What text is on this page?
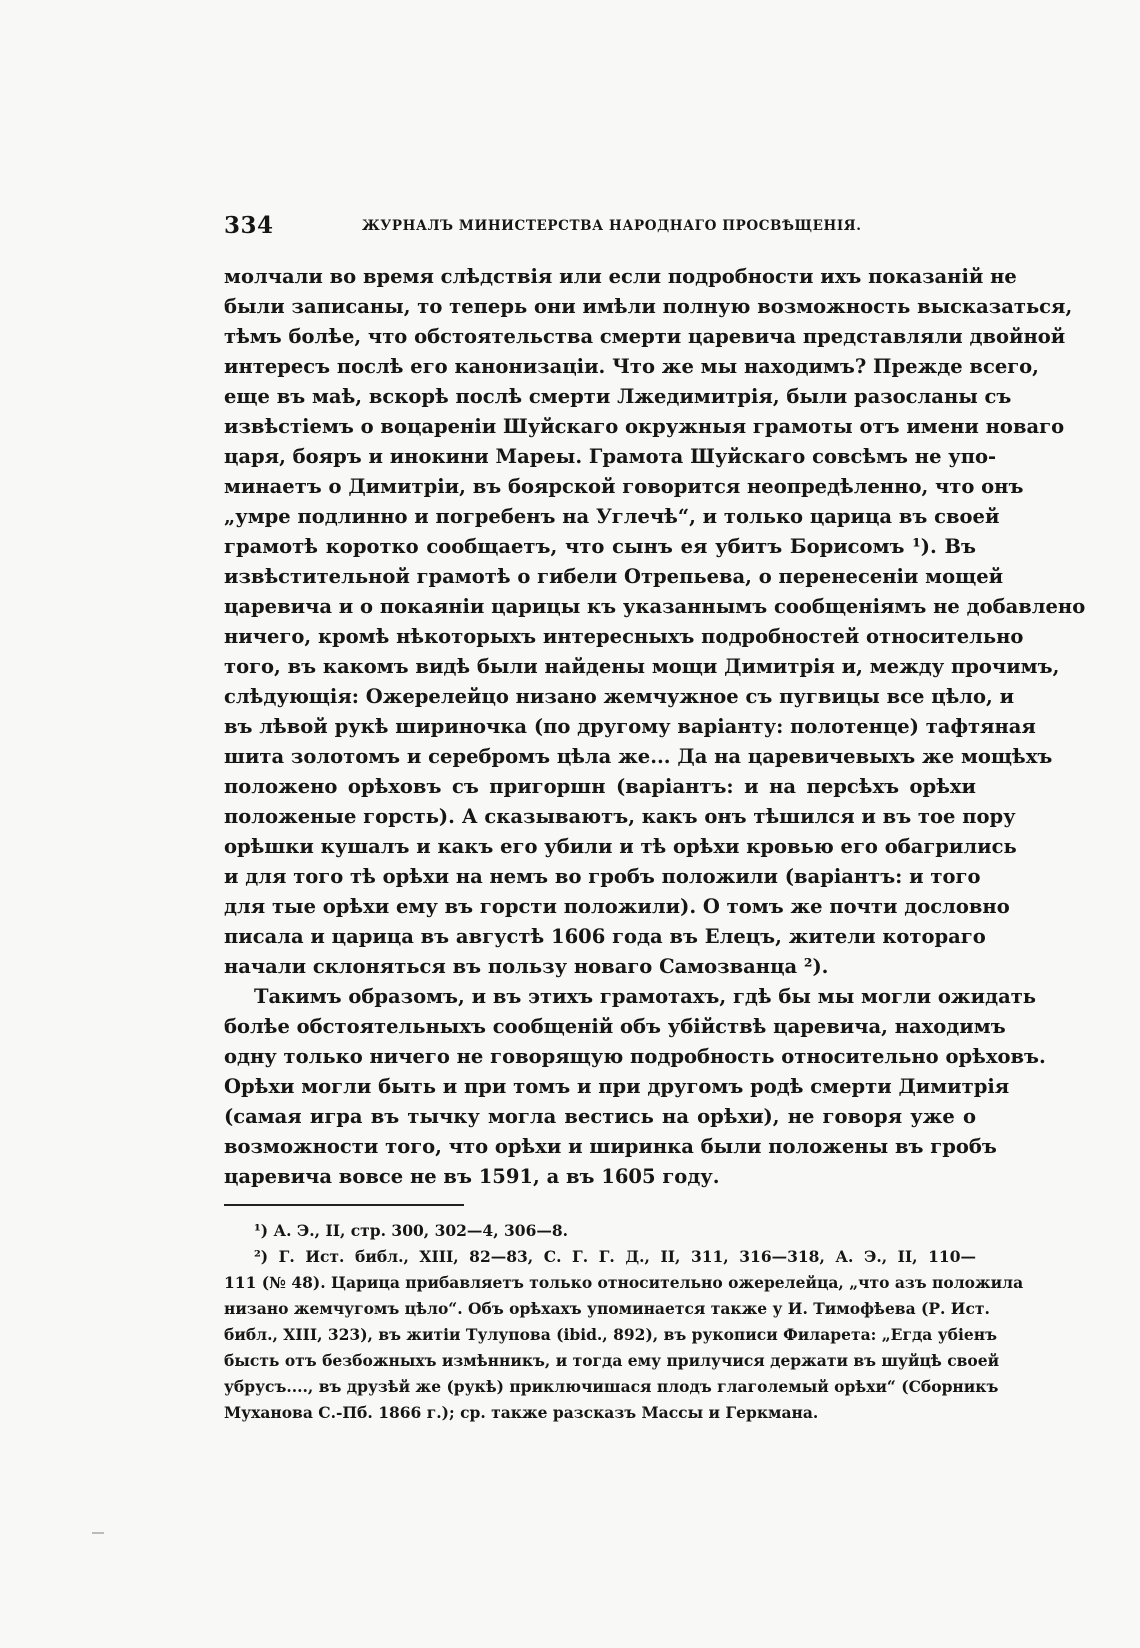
334	ЖУРНАЛЪ МИНИСТЕРСТВА НАРОДНАГО ПРОСВѢЩЕНІЯ.
молчали во время слѣдствія или если подробности ихъ показаній не
были записаны, то теперь они имѣли полную возможность высказаться,
тѣмъ болѣе, что обстоятельства смерти царевича представляли двойной
интересъ послѣ его канонизаціи. Что же мы находимъ? Прежде всего,
еще въ маѣ, вскорѣ послѣ смерти Лжедимитрія, были разосланы съ
извѣстіемъ о воцареніи Шуйскаго окружныя грамоты отъ имени новаго
царя, бояръ и инокини Мареы. Грамота Шуйскаго совсѣмъ не упо-
минаетъ о Димитріи, въ боярской говорится неопредѣленно, что онъ
„умре подлинно и погребенъ на Углечѣ“, и только царица въ своей
грамотѣ коротко сообщаетъ, что сынъ ея убитъ Борисомъ ¹). Въ
извѣстительной грамотѣ о гибели Отрепьева, о перенесеніи мощей
царевича и о покаяніи царицы къ указаннымъ сообщеніямъ не добавлено
ничего, кромѣ нѣкоторыхъ интересныхъ подробностей относительно
того, въ какомъ видѣ были найдены мощи Димитрія и, между прочимъ,
слѣдующія: Ожерелейцо низано жемчужное съ пугвицы все цѣло, и
въ лѣвой рукѣ шириночка (по другому варіанту: полотенце) тафтяная
шита золотомъ и серебромъ цѣла же... Да на царевичевыхъ же мощѣхъ
положено орѣховъ съ пригоршн (варіантъ: и на персѣхъ орѣхи
положеные горсть). А сказываютъ, какъ онъ тѣшился и въ тое пору
орѣшки кушалъ и какъ его убили и тѣ орѣхи кровью его обагрились
и для того тѣ орѣхи на немъ во гробъ положили (варіантъ: и того
для тые орѣхи ему въ горсти положили). О томъ же почти дословно
писала и царица въ августѣ 1606 года въ Елецъ, жители котораго
начали склоняться въ пользу новаго Самозванца ²).
Такимъ образомъ, и въ этихъ грамотахъ, гдѣ бы мы могли ожидать
болѣе обстоятельныхъ сообщеній объ убійствѣ царевича, находимъ
одну только ничего не говорящую подробность относительно орѣховъ.
Орѣхи могли быть и при томъ и при другомъ родѣ смерти Димитрія
(самая игра въ тычку могла вестись на орѣхи), не говоря уже о
возможности того, что орѣхи и ширинка были положены въ гробъ
царевича вовсе не въ 1591, а въ 1605 году.
¹) А. Э., II, стр. 300, 302—4, 306—8.
²) Г. Ист. библ., XIII, 82—83, С. Г. Г. Д., II, 311, 316—318, А. Э., II, 110—
111 (№ 48). Царица прибавляетъ только относительно ожерелейца, „что азъ положила
низано жемчугомъ цѣло“. Объ орѣхахъ упоминается также у И. Тимофѣева (Р. Ист.
библ., XIII, 323), въ житіи Тулупова (ibid., 892), въ рукописи Филарета: „Егда убіенъ
бысть отъ безбожныхъ измѣнникъ, и тогда ему прилучися держати въ шуйцѣ своей
убрусъ...., въ друзѣй же (рукѣ) приключишася плодъ глаголемый орѣхи“ (Сборникъ
Муханова С.-Пб. 1866 г.); ср. также разсказъ Массы и Геркмана.
